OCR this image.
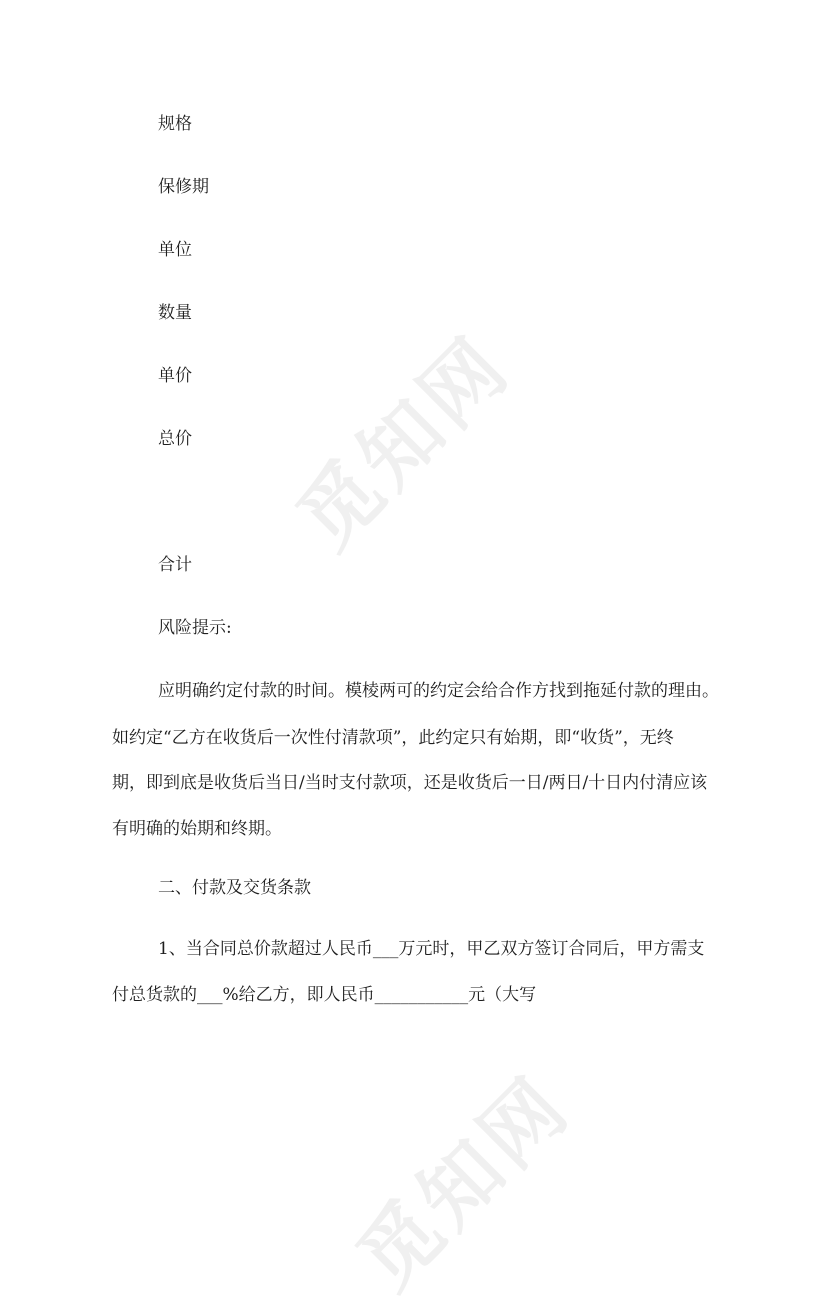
觅知网
觅知网
规格
保修期
单位
数量
单价
总价
合计
风险提示:
应明确约定付款的时间。模棱两可的约定会给合作方找到拖延付款的理由。
如约定“乙方在收货后一次性付清款项”，此约定只有始期，即“收货”，无终
期，即到底是收货后当日/当时支付款项，还是收货后一日/两日/十日内付清应该
有明确的始期和终期。
二、付款及交货条款
1、当合同总价款超过人民币___万元时，甲乙双方签订合同后，甲方需支
付总货款的___%给乙方，即人民币___________元（大写
